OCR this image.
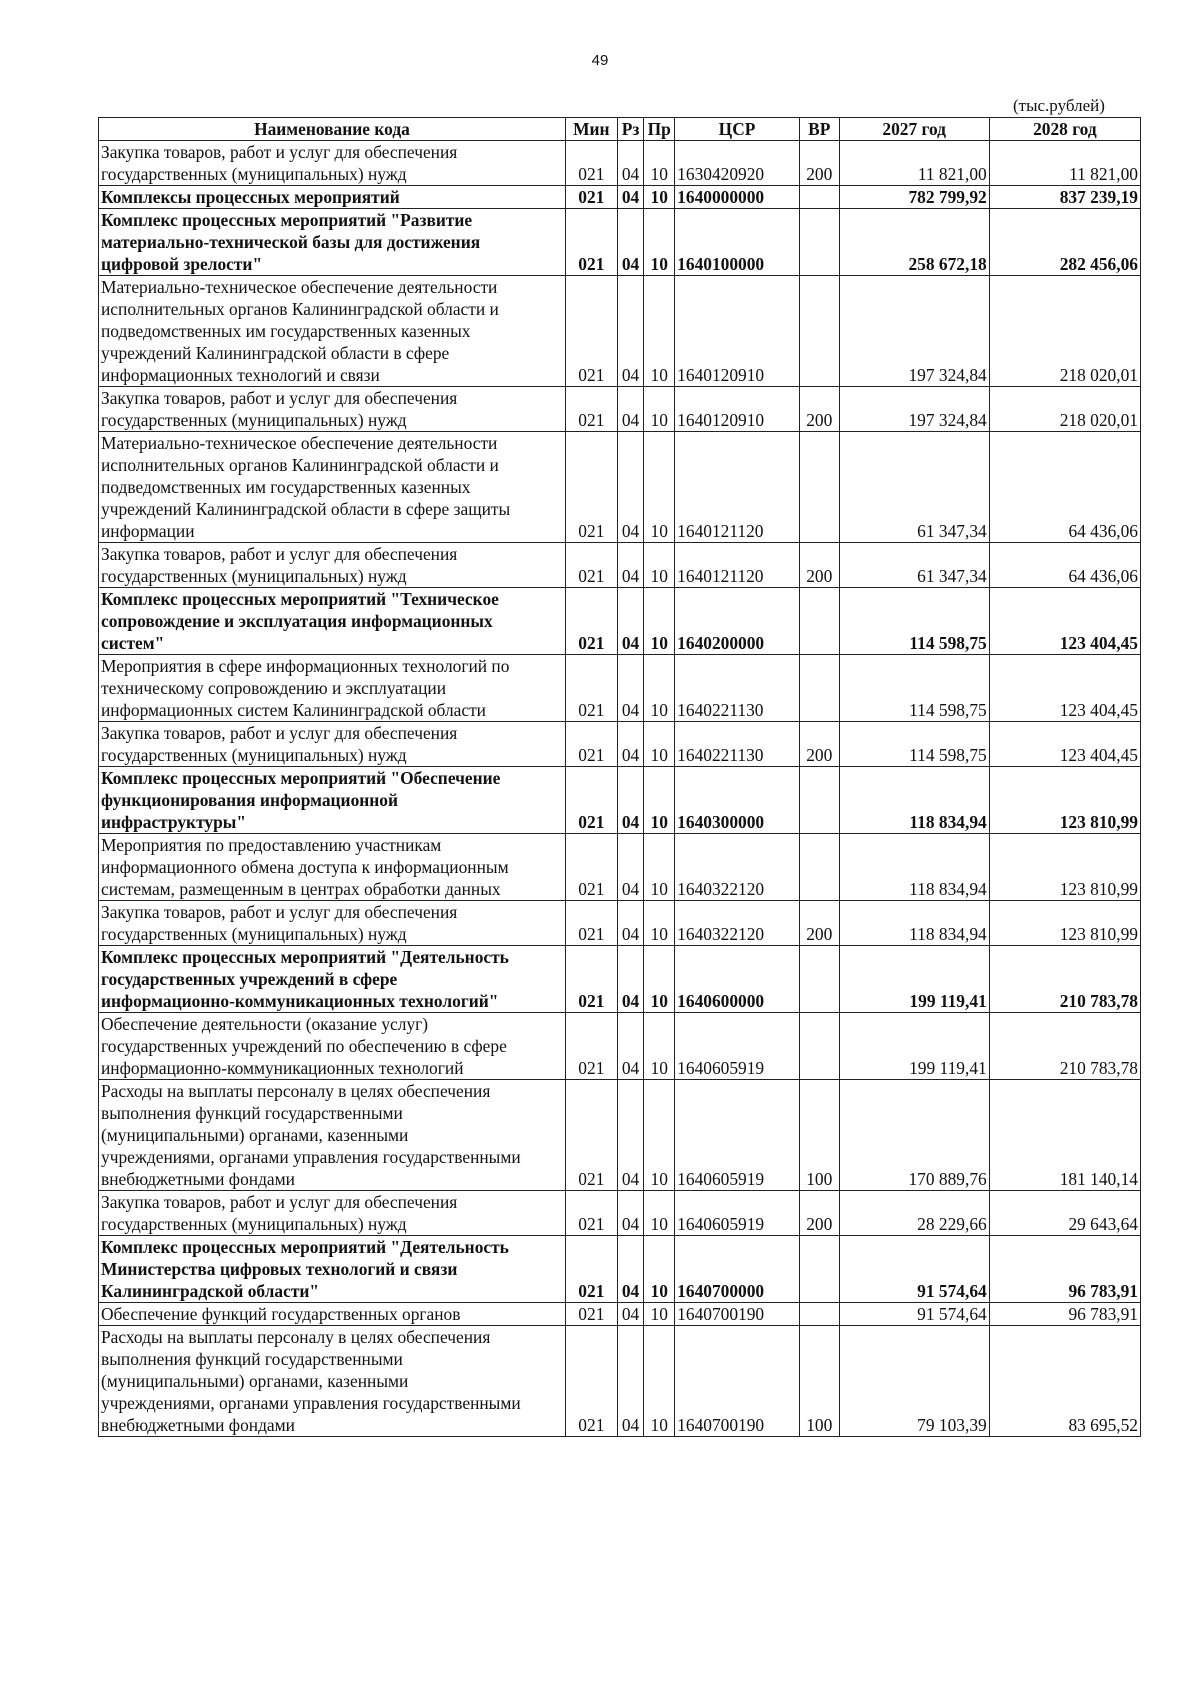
49
(тыс.рублей)
Наименование кода	Мин	Рз	Пр	ЦСР	ВР	2027 год	2028 год
Закупка товаров, работ и услуг для обеспечения
государственных (муниципальных) нужд	021	04	10	1630420920	200	11 821,00	11 821,00
Комплексы процессных мероприятий	021	04	10	1640000000		782 799,92	837 239,19
Комплекс процессных мероприятий "Развитие
материально-технической базы для достижения
цифровой зрелости"	021	04	10	1640100000		258 672,18	282 456,06
Материально-техническое обеспечение деятельности
исполнительных органов Калининградской области и
подведомственных им государственных казенных
учреждений Калининградской области в сфере
информационных технологий и связи	021	04	10	1640120910		197 324,84	218 020,01
Закупка товаров, работ и услуг для обеспечения
государственных (муниципальных) нужд	021	04	10	1640120910	200	197 324,84	218 020,01
Материально-техническое обеспечение деятельности
исполнительных органов Калининградской области и
подведомственных им государственных казенных
учреждений Калининградской области в сфере защиты
информации	021	04	10	1640121120		61 347,34	64 436,06
Закупка товаров, работ и услуг для обеспечения
государственных (муниципальных) нужд	021	04	10	1640121120	200	61 347,34	64 436,06
Комплекс процессных мероприятий "Техническое
сопровождение и эксплуатация информационных
систем"	021	04	10	1640200000		114 598,75	123 404,45
Мероприятия в сфере информационных технологий по
техническому сопровождению и эксплуатации
информационных систем Калининградской области	021	04	10	1640221130		114 598,75	123 404,45
Закупка товаров, работ и услуг для обеспечения
государственных (муниципальных) нужд	021	04	10	1640221130	200	114 598,75	123 404,45
Комплекс процессных мероприятий "Обеспечение
функционирования информационной
инфраструктуры"	021	04	10	1640300000		118 834,94	123 810,99
Мероприятия по предоставлению участникам
информационного обмена доступа к информационным
системам, размещенным в центрах обработки данных	021	04	10	1640322120		118 834,94	123 810,99
Закупка товаров, работ и услуг для обеспечения
государственных (муниципальных) нужд	021	04	10	1640322120	200	118 834,94	123 810,99
Комплекс процессных мероприятий "Деятельность
государственных учреждений в сфере
информационно-коммуникационных технологий"	021	04	10	1640600000		199 119,41	210 783,78
Обеспечение деятельности (оказание услуг)
государственных учреждений по обеспечению в сфере
информационно-коммуникационных технологий	021	04	10	1640605919		199 119,41	210 783,78
Расходы на выплаты персоналу в целях обеспечения
выполнения функций государственными
(муниципальными) органами, казенными
учреждениями, органами управления государственными
внебюджетными фондами	021	04	10	1640605919	100	170 889,76	181 140,14
Закупка товаров, работ и услуг для обеспечения
государственных (муниципальных) нужд	021	04	10	1640605919	200	28 229,66	29 643,64
Комплекс процессных мероприятий "Деятельность
Министерства цифровых технологий и связи
Калининградской области"	021	04	10	1640700000		91 574,64	96 783,91
Обеспечение функций государственных органов	021	04	10	1640700190		91 574,64	96 783,91
Расходы на выплаты персоналу в целях обеспечения
выполнения функций государственными
(муниципальными) органами, казенными
учреждениями, органами управления государственными
внебюджетными фондами	021	04	10	1640700190	100	79 103,39	83 695,52
